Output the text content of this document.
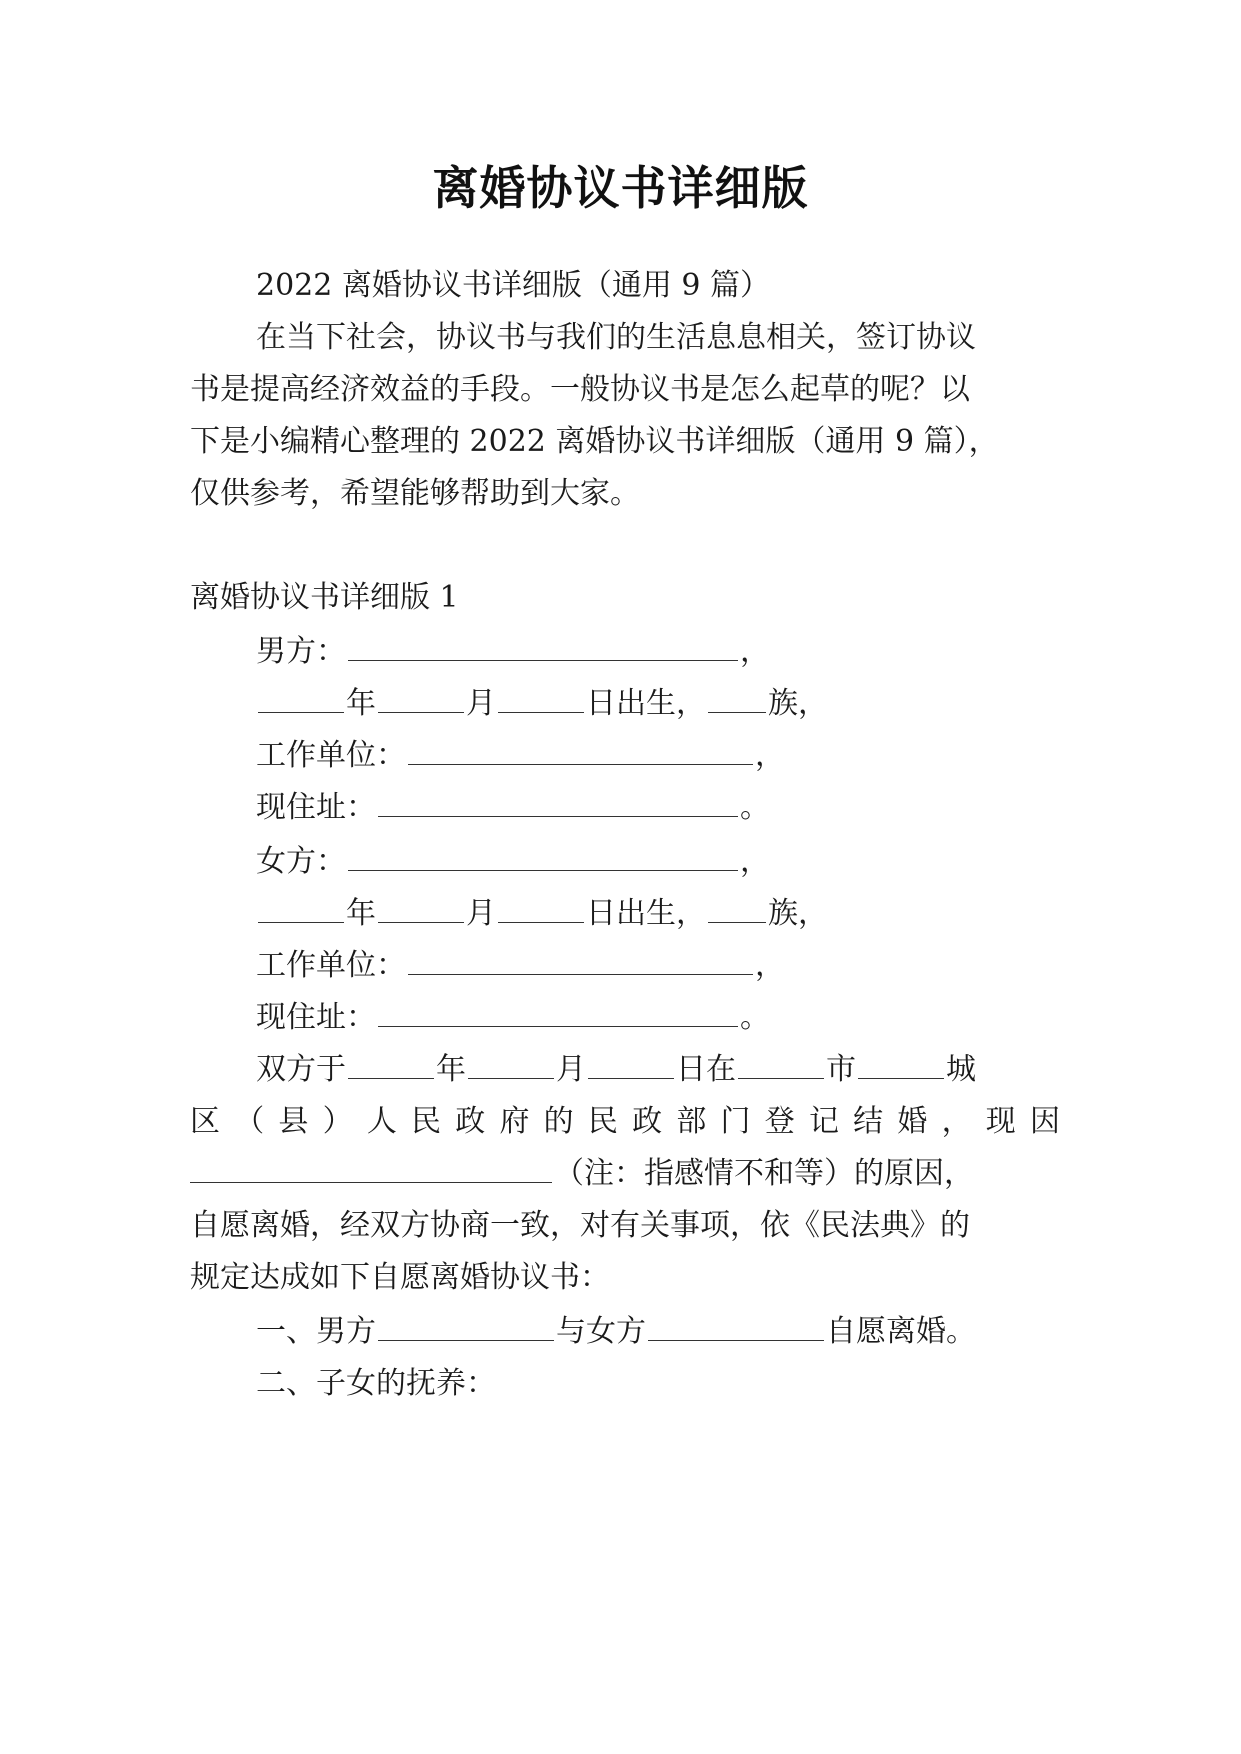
离婚协议书详细版
2022 离婚协议书详细版（通用 9 篇）
在当下社会，协议书与我们的生活息息相关，签订协议
书是提高经济效益的手段。一般协议书是怎么起草的呢？以
下是小编精心整理的 2022 离婚协议书详细版（通用 9 篇），
仅供参考，希望能够帮助到大家。
离婚协议书详细版 1
男方：	，
年	月	日出生， 族，
工作单位：	，
现住址：	。
女方：	，
年	月	日出生， 族，
工作单位：	，
现住址：	。
双方于	年	月	日在	市	城
区（县）人民政府的民政部门登记结婚，现因
（注：指感情不和等）的原因，
自愿离婚，经双方协商一致，对有关事项，依《民法典》的
规定达成如下自愿离婚协议书：
一、男方	与女方	自愿离婚。
二、子女的抚养：
